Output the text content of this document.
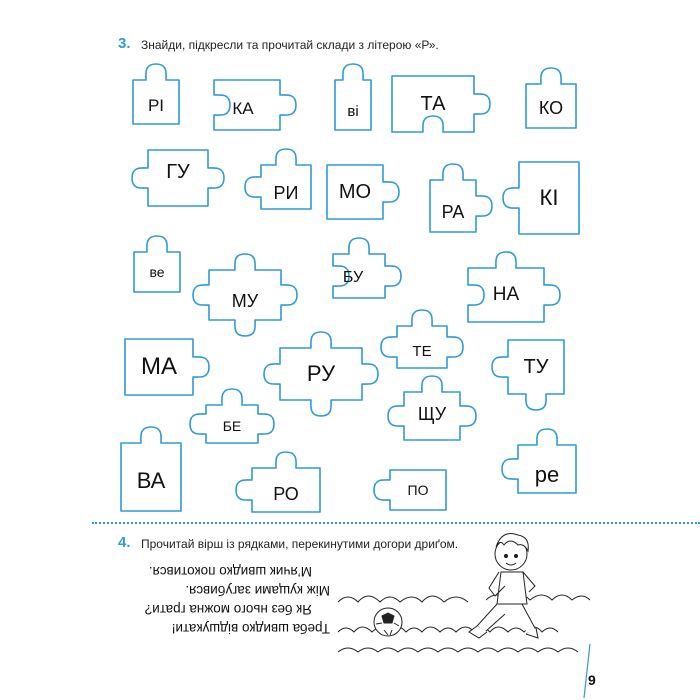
3. Знайди, підкресли та прочитай склади з літерою «Р».
РІ	КА	ві	ТА	КО
ГУ
РИ	МО
РА
КІ
ве
МУ
БУ
НА
ТЕ
МА	РУ	ТУ
БЕ
ЩУ
ВА
РО	ПО
ре
4. Прочитай вірш із рядками, перекинутими догори дриґом.
Треба швидко відшукати!
Як без нього можна грати?
Між кущами загубився.
М’ячик швидко покотився.
9
